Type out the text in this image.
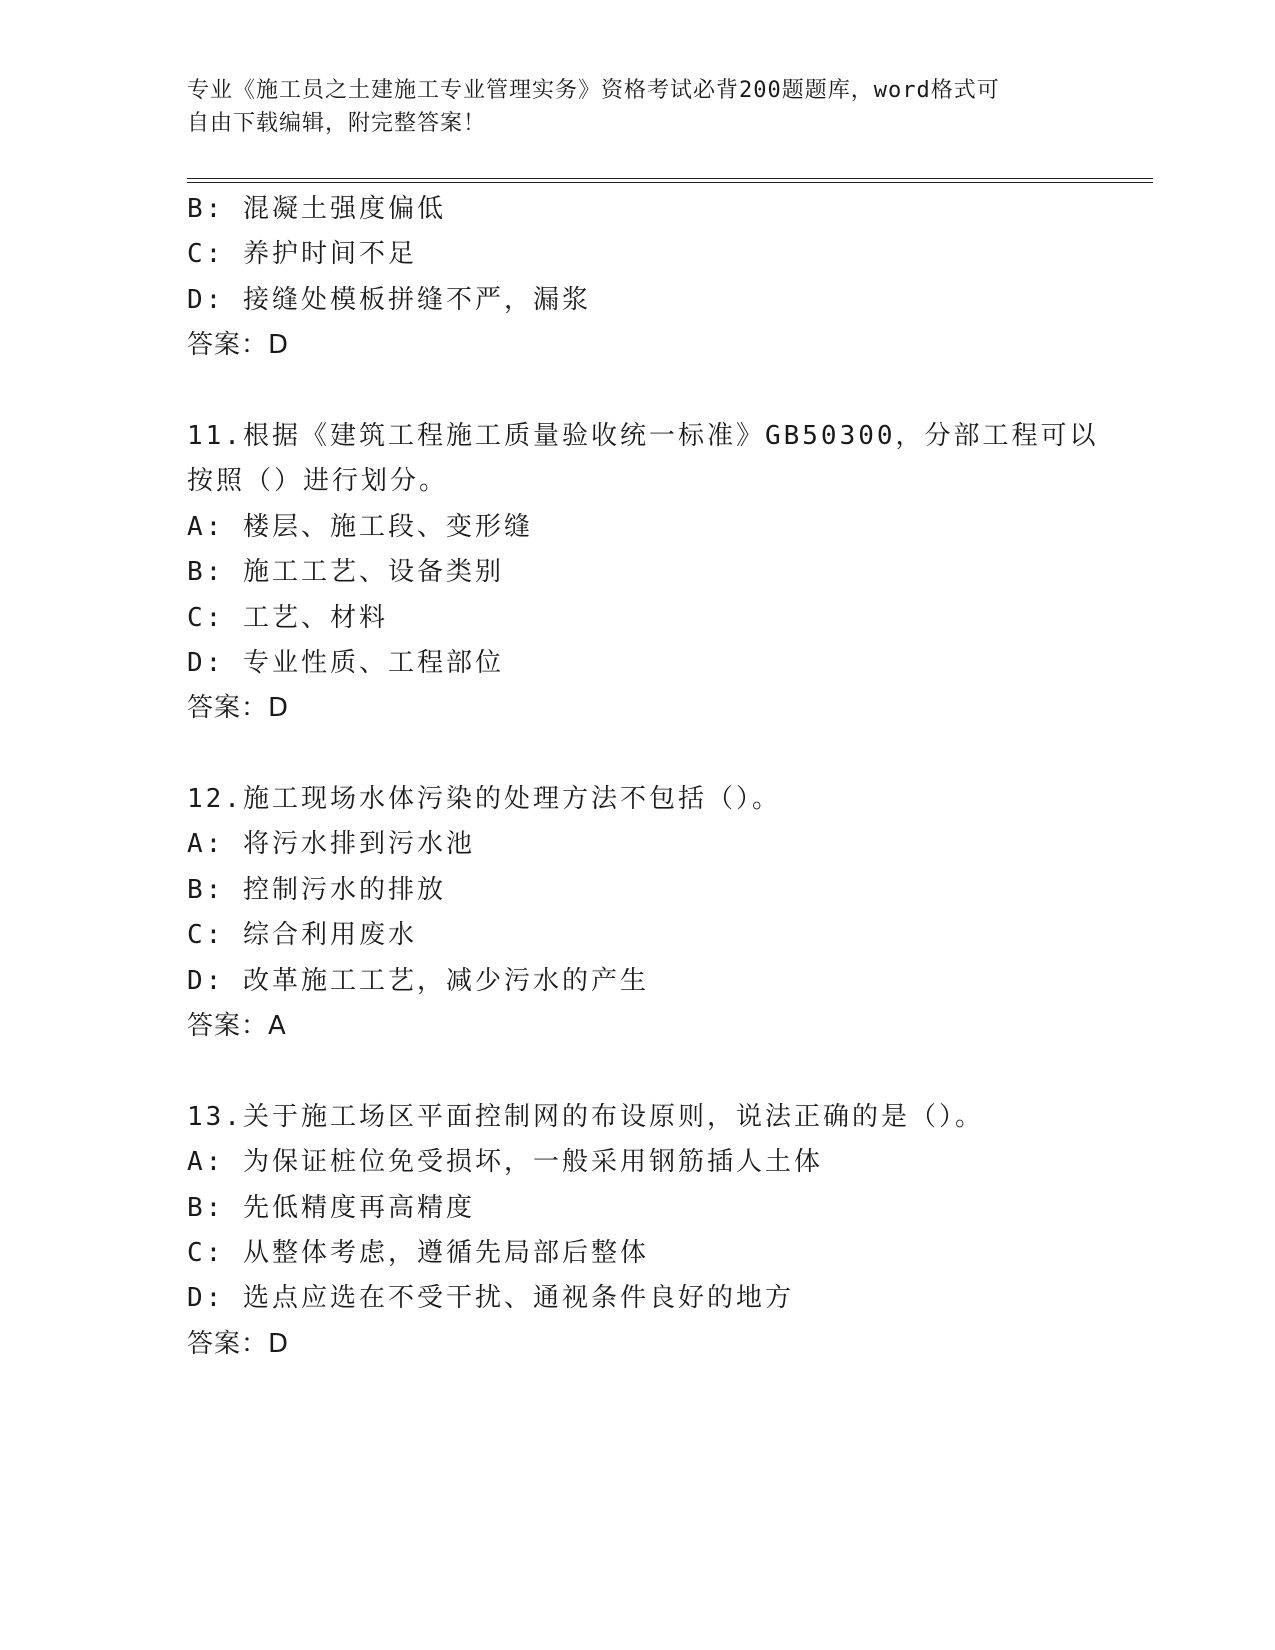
专业《施工员之土建施工专业管理实务》资格考试必背200题题库，word格式可
自由下载编辑，附完整答案！
B: 混凝土强度偏低
C: 养护时间不足
D: 接缝处模板拼缝不严，漏浆
答案：D
11.根据《建筑工程施工质量验收统一标准》GB50300，分部工程可以
按照（）进行划分。
A: 楼层、施工段、变形缝
B: 施工工艺、设备类别
C: 工艺、材料
D: 专业性质、工程部位
答案：D
12.施工现场水体污染的处理方法不包括（）。
A: 将污水排到污水池
B: 控制污水的排放
C: 综合利用废水
D: 改革施工工艺，减少污水的产生
答案：A
13.关于施工场区平面控制网的布设原则，说法正确的是（）。
A: 为保证桩位免受损坏，一般采用钢筋插人土体
B: 先低精度再高精度
C: 从整体考虑，遵循先局部后整体
D: 选点应选在不受干扰、通视条件良好的地方
答案：D
